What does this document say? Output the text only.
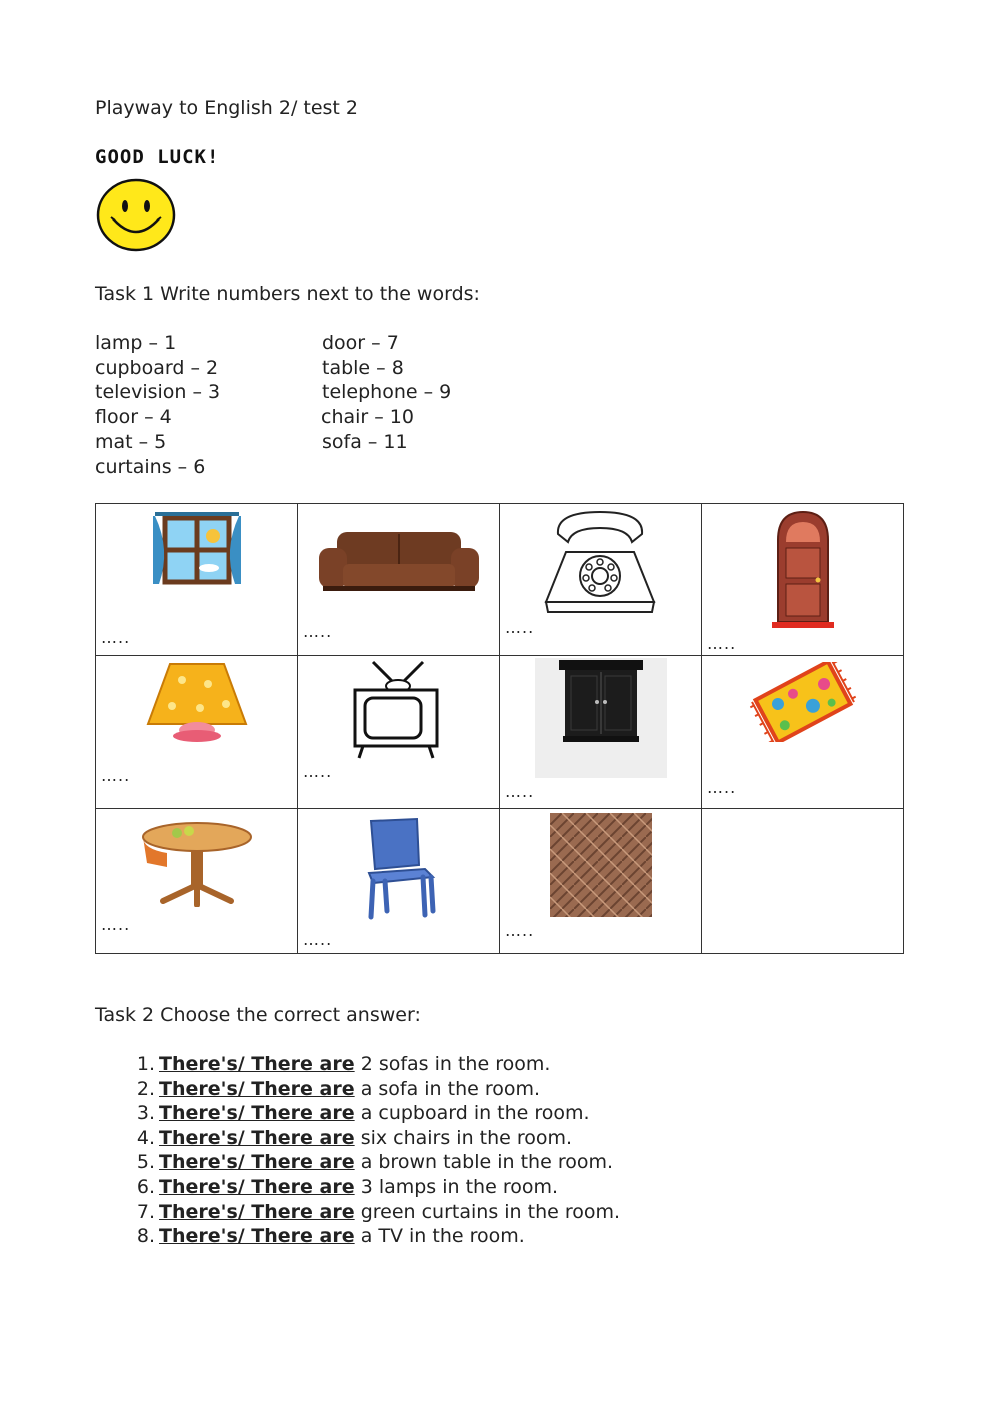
Playway to English 2/ test 2
GOOD LUCK!
Task 1 Write numbers next to the words:
lamp – 1
cupboard – 2
television – 3
floor – 4
mat – 5
curtains – 6
door – 7
table – 8
telephone – 9
chair – 10
sofa – 11
…..	…..	…..	…..

…..	…..	…..	…..

…..	…..	…..	

Task 2 Choose the correct answer:
1. There's/ There are 2 sofas in the room.
2. There's/ There are a sofa in the room.
3. There's/ There are a cupboard in the room.
4. There's/ There are six chairs in the room.
5. There's/ There are a brown table in the room.
6. There's/ There are 3 lamps in the room.
7. There's/ There are green curtains in the room.
8. There's/ There are a TV in the room.
